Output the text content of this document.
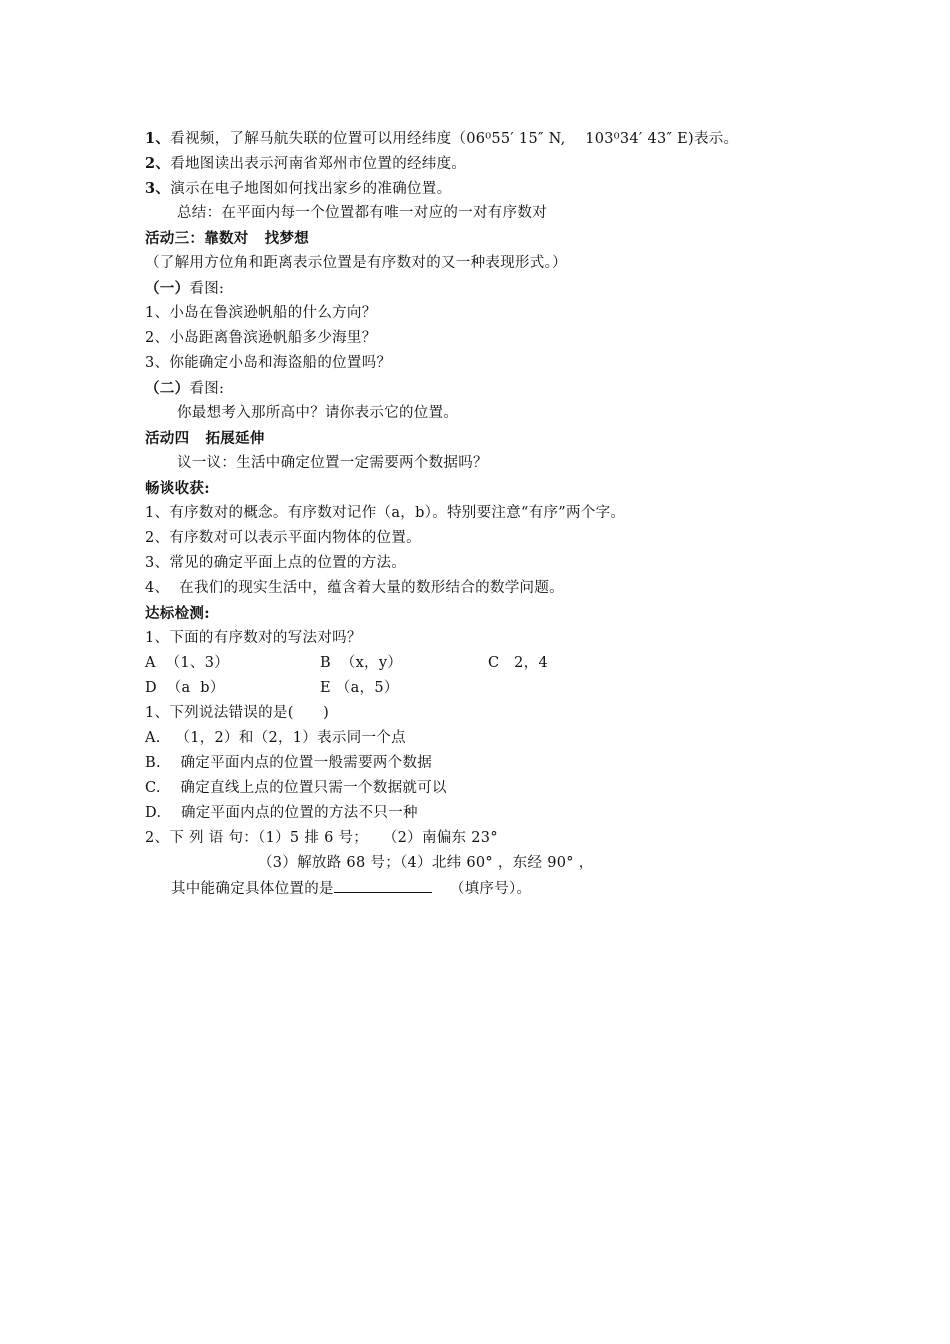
1、看视频，了解马航失联的位置可以用经纬度（06⁰55′ 15″ N,    103⁰34′ 43″ E)表示。
2、看地图读出表示河南省郑州市位置的经纬度。
3、演示在电子地图如何找出家乡的准确位置。
总结：在平面内每一个位置都有唯一对应的一对有序数对
活动三：靠数对   找梦想
（了解用方位角和距离表示位置是有序数对的又一种表现形式。）
（一）看图:
1、小岛在鲁滨逊帆船的什么方向？
2、小岛距离鲁滨逊帆船多少海里？
3、你能确定小岛和海盗船的位置吗？
（二）看图:
你最想考入那所高中？请你表示它的位置。
活动四   拓展延伸
议一议：生活中确定位置一定需要两个数据吗？
畅谈收获:
1、有序数对的概念。有序数对记作（a，b）。特别要注意“有序”两个字。
2、有序数对可以表示平面内物体的位置。
3、常见的确定平面上点的位置的方法。
4、  在我们的现实生活中，蕴含着大量的数形结合的数学问题。
达标检测:
1、下面的有序数对的写法对吗？
A  （1、3）	B  （x，y）	C   2，4
D  （a  b）	E （a，5）
1、下列说法错误的是(      )
A.   （1，2）和（2，1）表示同一个点
B.    确定平面内点的位置一般需要两个数据
C.    确定直线上点的位置只需一个数据就可以
D.    确定平面内点的位置的方法不只一种
2、下 列 语 句：（1）5 排 6 号；   （2）南偏东 23°
（3）解放路 68 号；（4）北纬 60° ，东经 90° ，
其中能确定具体位置的是	（填序号）。
